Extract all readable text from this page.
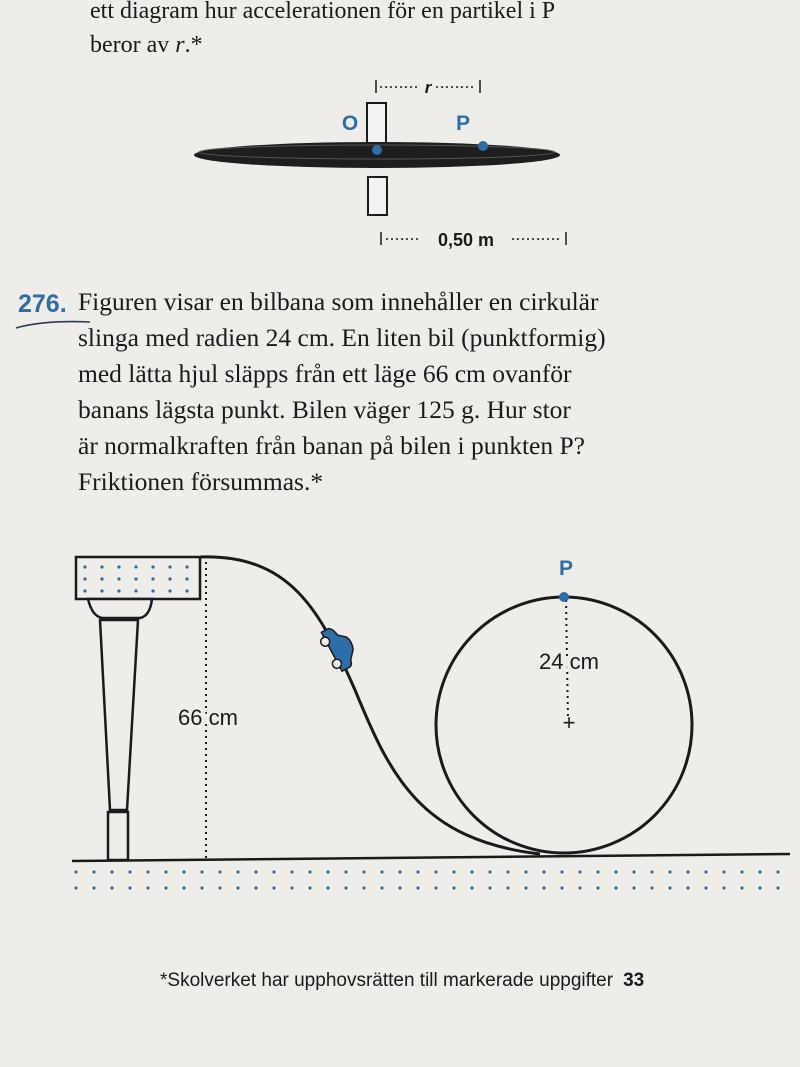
ett diagram hur accelerationen för en partikel i P
beror av r.*
r
O	P
0,50 m
276. Figuren visar en bilbana som innehåller en cirkulär
slinga med radien 24 cm. En liten bil (punktformig)
med lätta hjul släpps från ett läge 66 cm ovanför
banans lägsta punkt. Bilen väger 125 g. Hur stor
är normalkraften från banan på bilen i punkten P?
Friktionen försummas.*
66 cm
24 cm
+
P
*Skolverket har upphovsrätten till markerade uppgifter 33
